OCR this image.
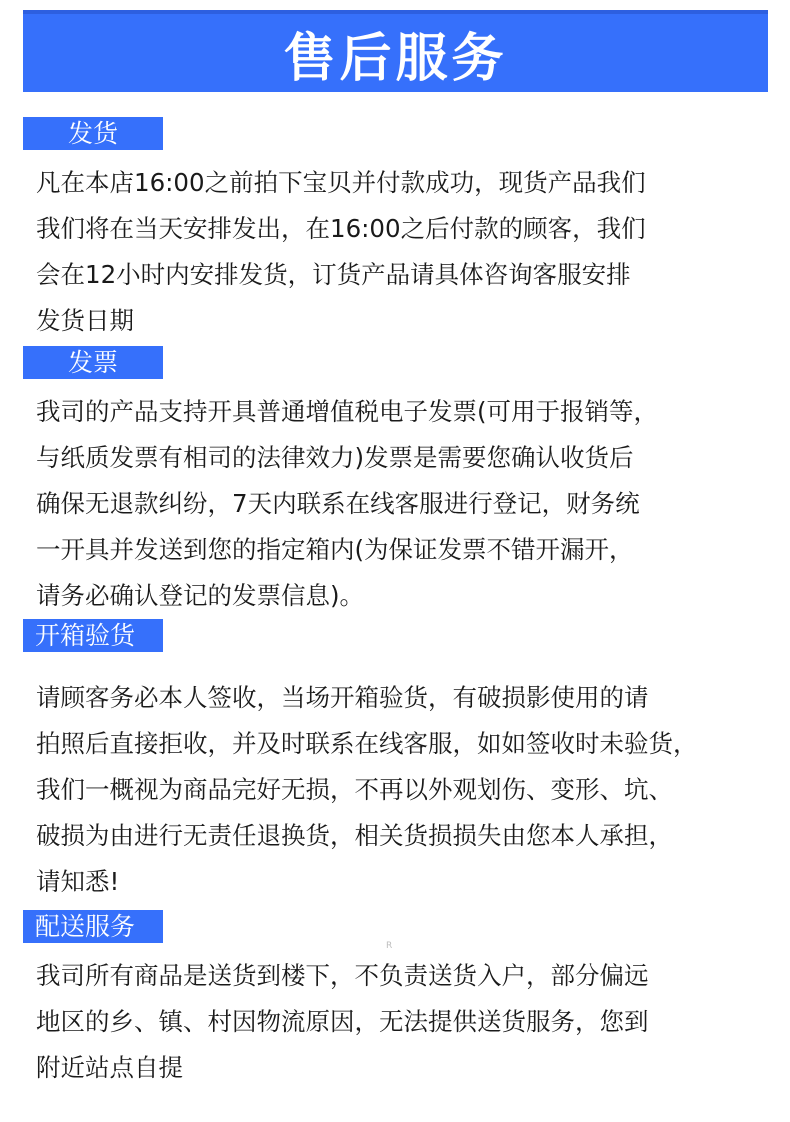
售后服务
发货

凡在本店16:00之前拍下宝贝并付款成功，现货产品我们
我们将在当天安排发出，在16:00之后付款的顾客，我们
会在12小时内安排发货，订货产品请具体咨询客服安排
发货日期

发票

我司的产品支持开具普通增值税电子发票(可用于报销等，
与纸质发票有相司的法律效力)发票是需要您确认收货后
确保无退款纠纷，7天内联系在线客服进行登记，财务统
一开具并发送到您的指定箱内(为保证发票不错开漏开，
请务必确认登记的发票信息)。

开箱验货

请顾客务必本人签收，当场开箱验货，有破损影使用的请
拍照后直接拒收，并及时联系在线客服，如如签收时未验货，
我们一概视为商品完好无损，不再以外观划伤、变形、坑、
破损为由进行无责任退换货，相关货损损失由您本人承担，
请知悉!

配送服务
R

我司所有商品是送货到楼下，不负责送货入户，部分偏远
地区的乡、镇、村因物流原因，无法提供送货服务，您到
附近站点自提
